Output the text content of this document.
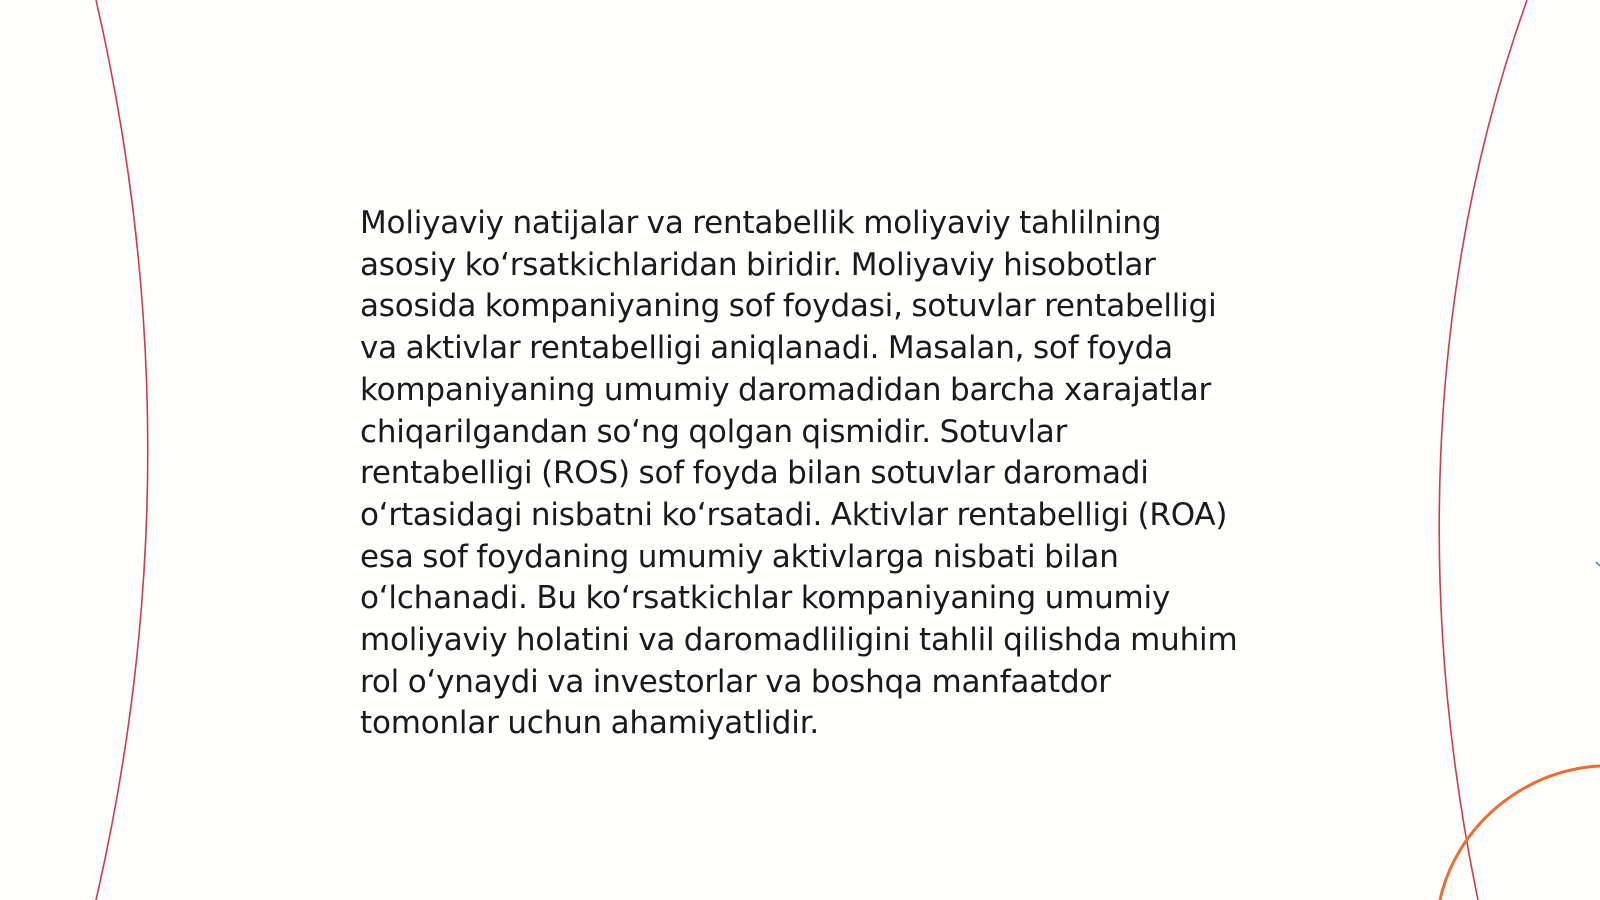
Moliyaviy natijalar va rentabellik moliyaviy tahlilning asosiy koʻrsatkichlaridan biridir. Moliyaviy hisobotlar asosida kompaniyaning sof foydasi, sotuvlar rentabelligi va aktivlar rentabelligi aniqlanadi. Masalan, sof foyda kompaniyaning umumiy daromadidan barcha xarajatlar chiqarilgandan soʻng qolgan qismidir. Sotuvlar rentabelligi (ROS) sof foyda bilan sotuvlar daromadi oʻrtasidagi nisbatni koʻrsatadi. Aktivlar rentabelligi (ROA) esa sof foydaning umumiy aktivlarga nisbati bilan oʻlchanadi. Bu koʻrsatkichlar kompaniyaning umumiy moliyaviy holatini va daromadliligini tahlil qilishda muhim rol oʻynaydi va investorlar va boshqa manfaatdor tomonlar uchun ahamiyatlidir.
